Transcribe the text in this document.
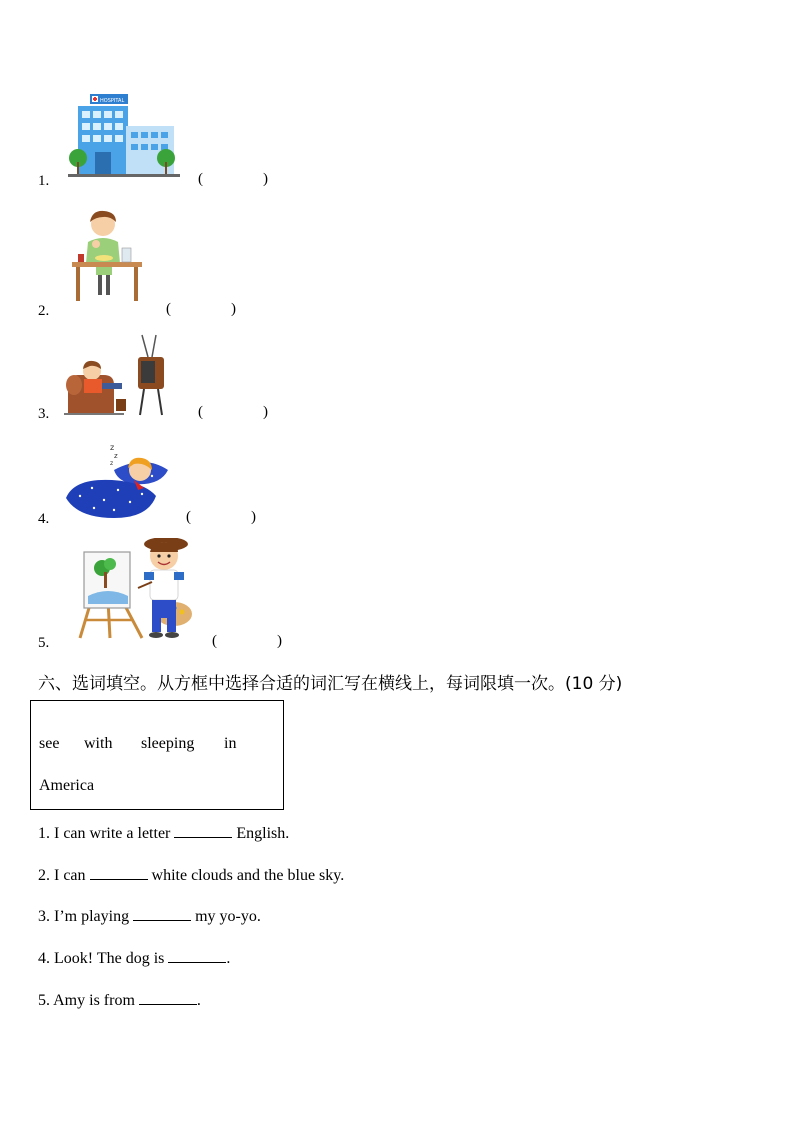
1.
HOSPITAL
(                )
2.	(                )
3.	(                )
4.
z
z
z
(                )
5.	(                )
六、选词填空。从方框中选择合适的词汇写在横线上，每词限填一次。(10 分)
see with sleeping in
America
1. I can write a letter	English.
2. I can	white clouds and the blue sky.
3. I’m playing	my yo-yo.
4. Look! The dog is	.
5. Amy is from	.
